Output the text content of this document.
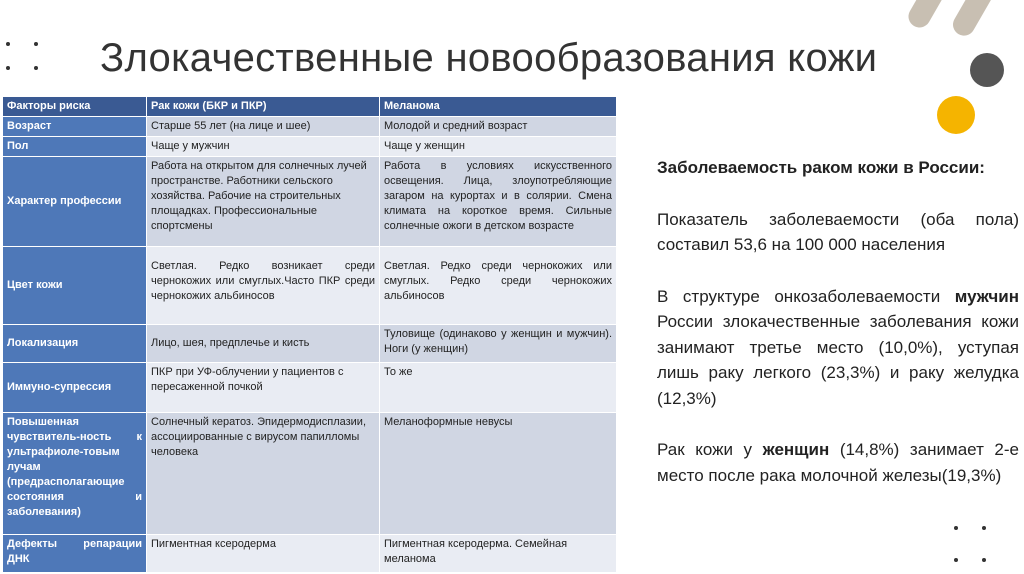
Злокачественные новообразования кожи
Факторы риска	Рак кожи (БКР и ПКР)	Меланома
Возраст	Старше 55 лет (на лице и шее)	Молодой и средний возраст
Пол	Чаще у мужчин	Чаще у женщин
Характер профессии	Работа на открытом для солнечных лучей пространстве. Работники сельского хозяйства. Рабочие на строительных площадках. Профессиональные спортсмены	Работа в условиях искусственного освещения. Лица, злоупотребляющие загаром на курортах и в солярии. Смена климата на короткое время. Сильные солнечные ожоги в детском возрасте
Цвет кожи	Светлая. Редко возникает среди чернокожих или смуглых.Часто ПКР среди чернокожих альбиносов	Светлая. Редко среди чернокожих или смуглых. Редко среди чернокожих альбиносов
Локализация	Лицо, шея, предплечье и кисть	Туловище (одинаково у женщин и мужчин). Ноги (у женщин)
Иммуно-супрессия	ПКР при УФ-облучении у пациентов с пересаженной почкой	То же
Повышенная чувствитель-ность к ультрафиоле-товым лучам (предрасполагающие состояния и заболевания)	Солнечный кератоз. Эпидермодисплазии, ассоциированные с вирусом папилломы человека	Меланоформные невусы
Дефекты репарации ДНК	Пигментная ксеродерма	Пигментная ксеродерма. Семейная меланома

Заболеваемость раком кожи в России:

Показатель заболеваемости (оба пола) составил 53,6 на 100 000 населения

В структуре онкозаболеваемости мужчин России злокачественные заболевания кожи занимают третье место (10,0%), уступая лишь раку легкого (23,3%) и раку желудка (12,3%)

Рак кожи у женщин (14,8%) занимает 2-е место после рака молочной железы(19,3%)
